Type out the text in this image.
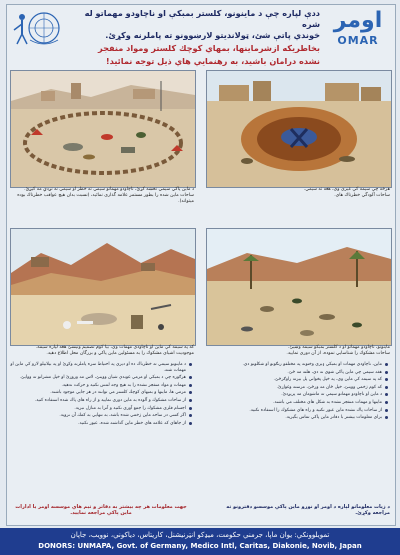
ددې لپاره چې د ماينونو، كلستر بمبكې او ناچاودو مهماتو له شره
خوندي پاتې شئ، ټولانديتو لارښوونو ته پاملرنه وكړئ.
بخاطريكه ازشرماينها، بمهاي كوچك كلستر ومواد منفجر
نشده درامان باشيد، به رهنمايي هاي ذيل توجه نمائيد!
اومر
OMAR
د ماين پاکي سيمي نخښه كړئ، ناچاودو مهماتو سيمي ته خطر او سيمي نه نږدې مه كيږئ.
ساحات ماين شده را بطور مستمر علامه گذاري نمائيد، (نسبت بدان هيچ عواقب خطرناك بوده ميتواند).
هرڅه چې سيمه كې غيري وي، هغه ته سيمي.
ساحات آلودگي خطرناك هاي.
كه په سيمه كې ماين او ناچاودي مهمات وي، بيا كوم تصميم ونيسئ هغه لپاره سيمه.
موجوديت اشياي مشكوك را به مسئولين ماين پاكي و بزرگان محل اطلاع دهيد.
ماينونو، ناچاودو مهماتو او د كلستر بمبكو سيمه وښيئ.
ساحات مشكوك را شناسايي نموده، از آن دوري نماييد.
د ماينونو سيمي ته خطرناك ده او ديري په احتياط سره پاملرنه وكړئ او په بيلابيلو لارو كې ماين او مهمات شته.
هرګوره چې د بمبكي او مرمي غوندې شيان ووينئ، لاس مه وروړئ او خپل مشرانو ته ووايئ.
مهمات و مواد منفجر نشده را به هيچ وجه لمس نكنيد و حركت ندهيد.
مرمي ها، ماينها و بمبهاي كوچك كلستر مي توانند در هر جايي موجود باشند.
از ساحات مشكوك و آلوده به ماين دوري نماييد و از راه هاي پاك شده استفاده كنيد.
اجسام فلزي مشكوك را جمع آوري نكنيد و آنرا به منازل نبريد.
اگر كسي در ساحه ماين زخمي شده باشد، به تنهايي به كمك آن نرويد.
از جاهاي كه علامه هاي خطر ماين گذاشته شده، عبور نكنيد.
ماين، ناچاودي مهمات او بمبكي ډيري وختونه په مختلفو رنګونو او شكلونو دي.
هغه سيمي چې ماين پاكي شوي نه دي، هلته مه ځئ.
كه په سيمه كې ماين وي، په خپل پخواني پل بيرته راوګرځئ.
كه كوم زخمي ووينئ، خپل ځان مه ورځئ، مرسته وغواړئ.
د ماين او ناچاودو مهماتو سيمې ته ماشومان مه پريږدئ.
ماينها و مهمات منفجر نشده به شكل هاي مختلف مي باشند.
از ساحات پاك نشده ماين عبور نكنيد و راه هاي مشكوك را استفاده نكنيد.
براي معلومات بيشتر با دفاتر ماين پاكي تماس بگيريد.
جهت معلومات هر چه بيشتر به دفاتر و تيم هاي موسسه اومر يا ادارات ماين پاكي مراجعه نماييد.
د زيات معلوماتو لپاره د اومر او نورو ماين پاكي موسسو دفترونو ته مراجعه وكړئ.
تمويلوونكي: يوان ماپا، جرمني حكومت، ميډكو انټرنيشنل، كاريتاس، دياكوني، نوويب، جاپان
DONORS: UNMAPA, Govt. of Germany, Medico Intl, Caritas, Diakonie, Novib, Japan
